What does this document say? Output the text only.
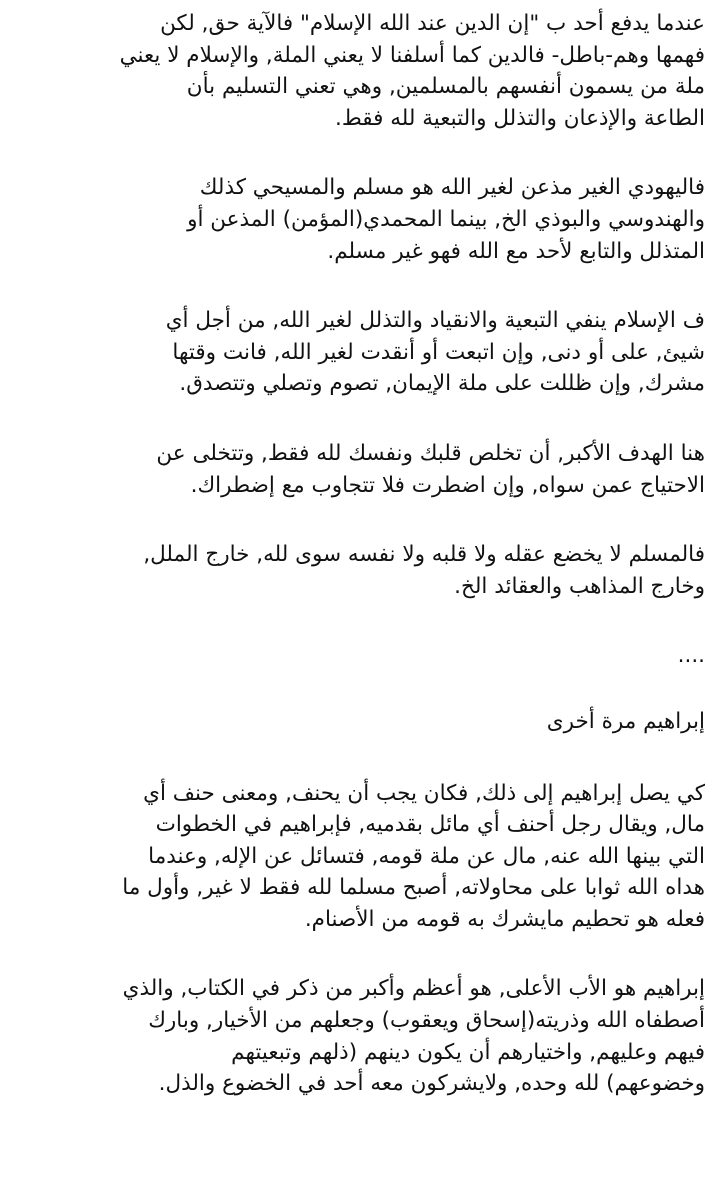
عندما يدفع أحد ب "إن الدين عند الله الإسلام" فالآية حق, لكن
فهمها وهم-باطل- فالدين كما أسلفنا لا يعني الملة, والإسلام لا يعني
ملة من يسمون أنفسهم بالمسلمين, وهي تعني التسليم بأن
الطاعة والإذعان والتذلل والتبعية لله فقط.
فاليهودي الغير مذعن لغير الله هو مسلم والمسيحي كذلك
والهندوسي والبوذي الخ, بينما المحمدي(المؤمن) المذعن أو
المتذلل والتابع لأحد مع الله فهو غير مسلم.
ف الإسلام ينفي التبعية والانقياد والتذلل لغير الله, من أجل أي
شيئ, على أو دنى, وإن اتبعت أو أنقدت لغير الله, فانت وقتها
مشرك, وإن ظللت على ملة الإيمان, تصوم وتصلي وتتصدق.
هنا الهدف الأكبر, أن تخلص قلبك ونفسك لله فقط, وتتخلى عن
الاحتياج عمن سواه, وإن اضطرت فلا تتجاوب مع إضطراك.
فالمسلم لا يخضع عقله ولا قلبه ولا نفسه سوى لله, خارج الملل,
وخارج المذاهب والعقائد الخ.
....
إبراهيم مرة أخرى
كي يصل إبراهيم إلى ذلك, فكان يجب أن يحنف, ومعنى حنف أي
مال, ويقال رجل أحنف أي مائل بقدميه, فإبراهيم في الخطوات
التي بينها الله عنه, مال عن ملة قومه, فتسائل عن الإله, وعندما
هداه الله ثوابا على محاولاته, أصبح مسلما لله فقط لا غير, وأول ما
فعله هو تحطيم مايشرك به قومه من الأصنام.
إبراهيم هو الأب الأعلى, هو أعظم وأكبر من ذكر في الكتاب, والذي
أصطفاه الله وذريته(إسحاق ويعقوب) وجعلهم من الأخيار, وبارك
فيهم وعليهم, واختيارهم أن يكون دينهم (ذلهم وتبعيتهم
وخضوعهم) لله وحده, ولايشركون معه أحد في الخضوع والذل.
